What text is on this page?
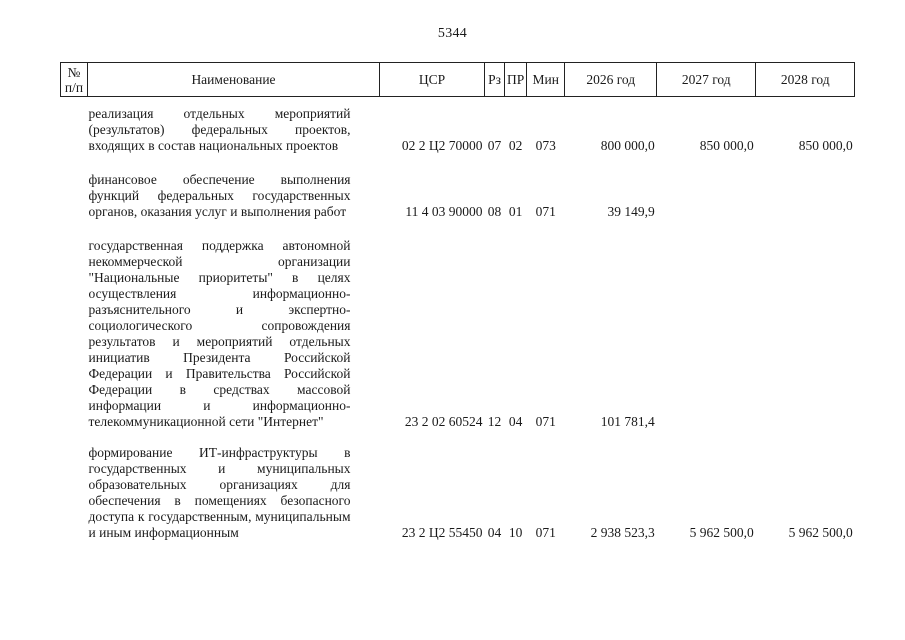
5344
№ п/п	Наименование	ЦСР	Рз	ПР	Мин	2026 год	2027 год	2028 год

реализация отдельных мероприятий (результатов) федеральных проектов, входящих в состав национальных проектов		02 2 Ц2 70000	07	02	073	800 000,0	850 000,0	850 000,0

финансовое обеспечение выполнения функций федеральных государственных органов, оказания услуг и выполнения работ		11 4 03 90000	08	01	071	39 149,9		

государственная поддержка автономной некоммерческой организации "Национальные приоритеты" в целях осуществления информационно-разъяснительного и экспертно-социологического сопровождения результатов и мероприятий отдельных инициатив Президента Российской Федерации и Правительства Российской Федерации в средствах массовой информации и информационно-телекоммуникационной сети "Интернет"		23 2 02 60524	12	04	071	101 781,4		

формирование ИТ-инфраструктуры в государственных и муниципальных образовательных организациях для обеспечения в помещениях безопасного доступа к государственным, муниципальным и иным информационным		23 2 Ц2 55450	04	10	071	2 938 523,3	5 962 500,0	5 962 500,0
